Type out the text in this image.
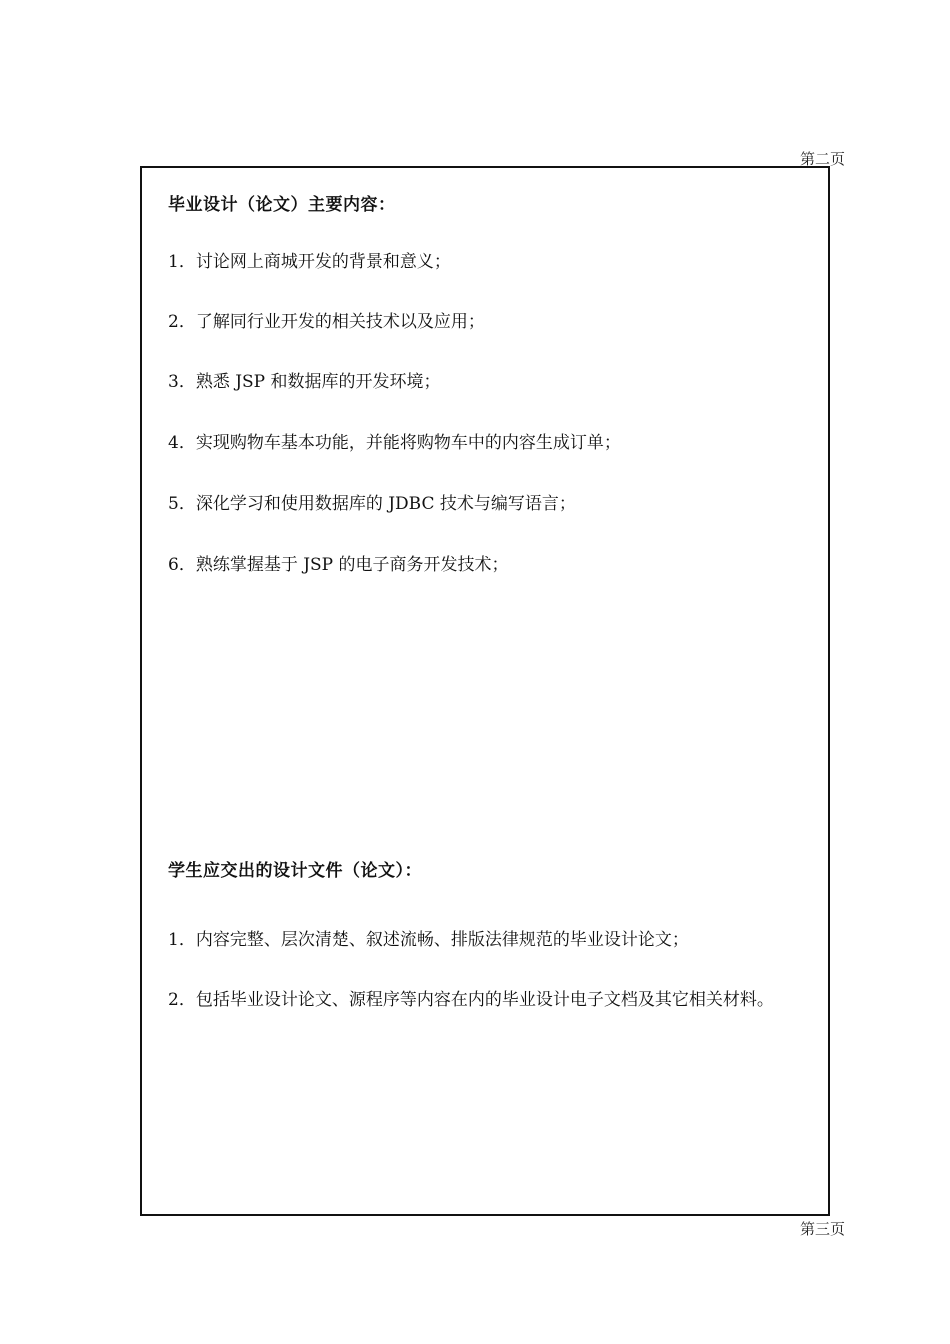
第二页
毕业设计（论文）主要内容：
1．讨论网上商城开发的背景和意义；
2．了解同行业开发的相关技术以及应用；
3．熟悉 JSP 和数据库的开发环境；
4．实现购物车基本功能，并能将购物车中的内容生成订单；
5．深化学习和使用数据库的 JDBC 技术与编写语言；
6．熟练掌握基于 JSP 的电子商务开发技术；
学生应交出的设计文件（论文）：
1．内容完整、层次清楚、叙述流畅、排版法律规范的毕业设计论文；
2．包括毕业设计论文、源程序等内容在内的毕业设计电子文档及其它相关材料。
第三页
